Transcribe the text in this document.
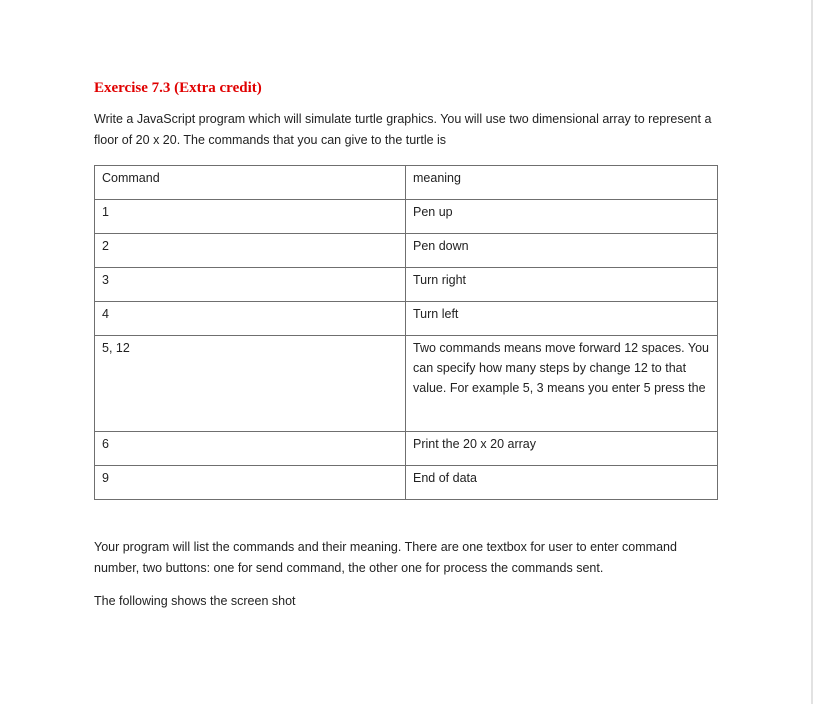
Exercise 7.3 (Extra credit)

Write a JavaScript program which will simulate turtle graphics. You will use two dimensional array to represent a floor of 20 x 20. The commands that you can give to the turtle is

Command	meaning
1	Pen up
2	Pen down
3	Turn right
4	Turn left
5, 12	Two commands means move forward 12 spaces. You can specify how many steps by change 12 to that value. For example 5, 3 means you enter 5 press the
6	Print the 20 x 20 array
9	End of data

Your program will list the commands and their meaning. There are one textbox for user to enter command number, two buttons: one for send command, the other one for process the commands sent.

The following shows the screen shot
